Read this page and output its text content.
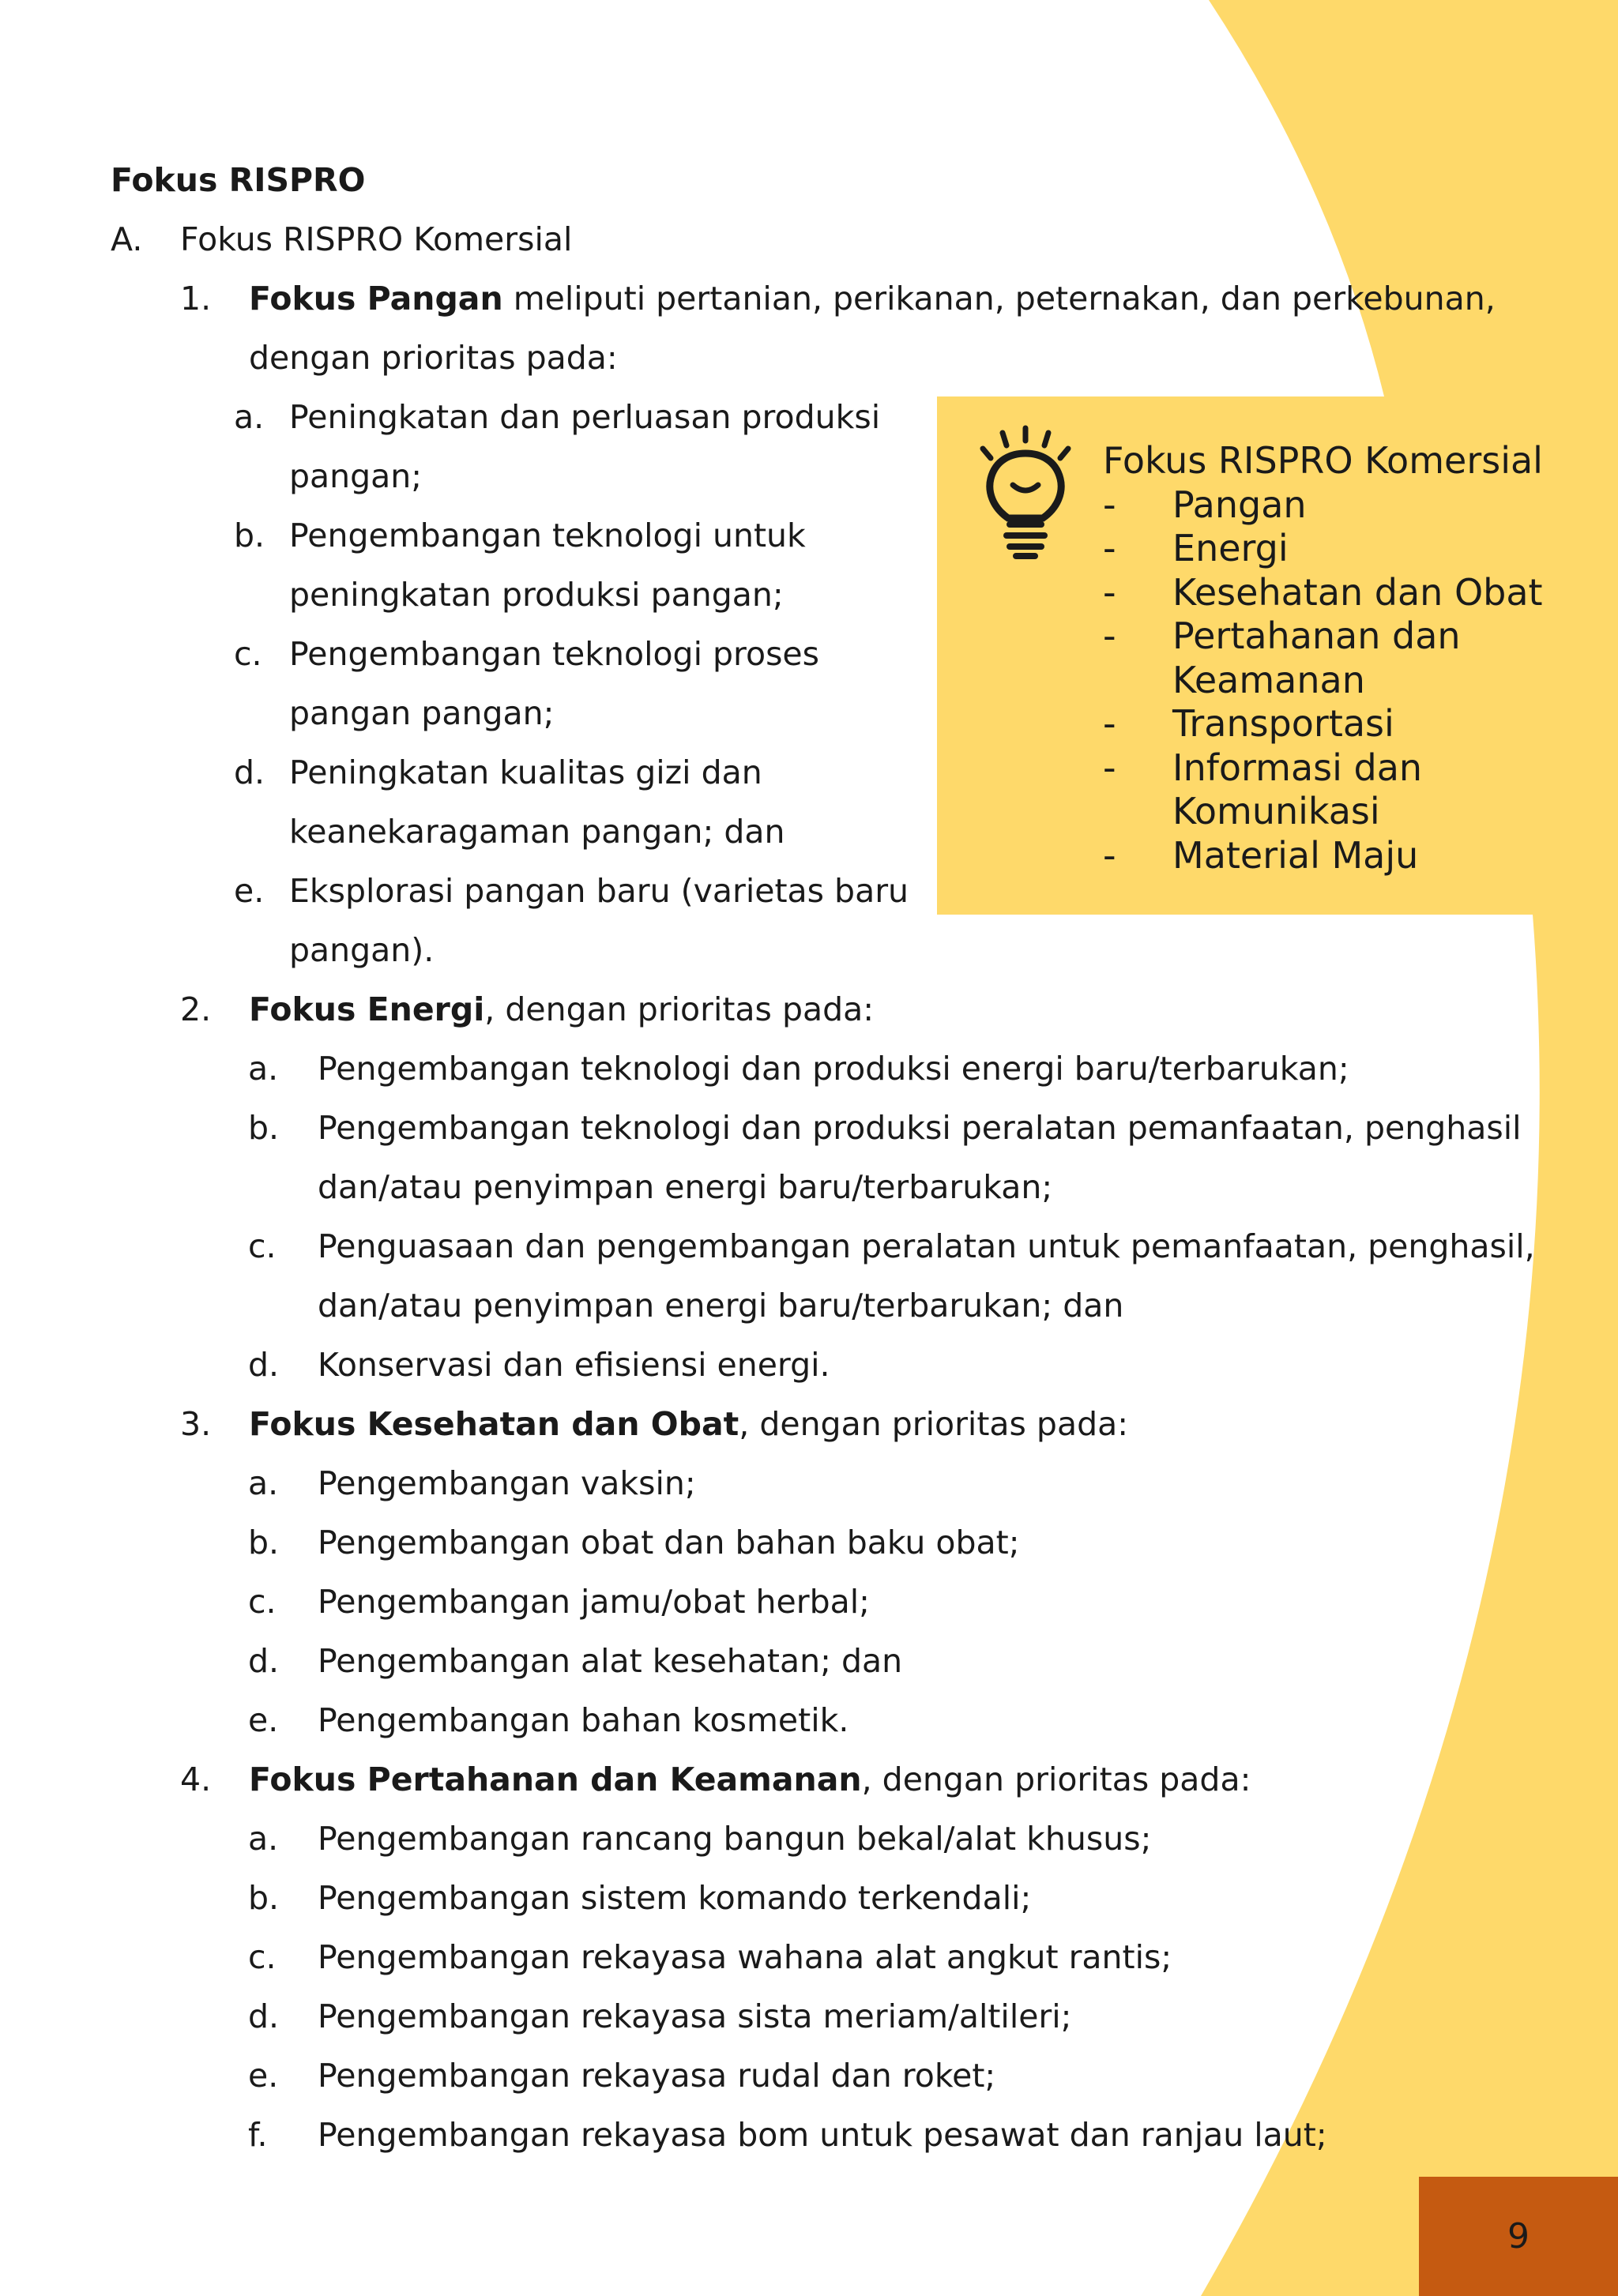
Fokus RISPRO
A. Fokus RISPRO Komersial
1. Fokus Pangan meliputi pertanian, perikanan, peternakan, dan perkebunan,
dengan prioritas pada:
a. Peningkatan dan perluasan produksi
pangan;
b. Pengembangan teknologi untuk
peningkatan produksi pangan;
c. Pengembangan teknologi proses
pangan pangan;
d. Peningkatan kualitas gizi dan
keanekaragaman pangan; dan
e. Eksplorasi pangan baru (varietas baru
pangan).
2. Fokus Energi, dengan prioritas pada:
a. Pengembangan teknologi dan produksi energi baru/terbarukan;
b. Pengembangan teknologi dan produksi peralatan pemanfaatan, penghasil
dan/atau penyimpan energi baru/terbarukan;
c. Penguasaan dan pengembangan peralatan untuk pemanfaatan, penghasil,
dan/atau penyimpan energi baru/terbarukan; dan
d. Konservasi dan efisiensi energi.
3. Fokus Kesehatan dan Obat, dengan prioritas pada:
a. Pengembangan vaksin;
b. Pengembangan obat dan bahan baku obat;
c. Pengembangan jamu/obat herbal;
d. Pengembangan alat kesehatan; dan
e. Pengembangan bahan kosmetik.
4. Fokus Pertahanan dan Keamanan, dengan prioritas pada:
a. Pengembangan rancang bangun bekal/alat khusus;
b. Pengembangan sistem komando terkendali;
c. Pengembangan rekayasa wahana alat angkut rantis;
d. Pengembangan rekayasa sista meriam/altileri;
e. Pengembangan rekayasa rudal dan roket;
f. Pengembangan rekayasa bom untuk pesawat dan ranjau laut;
Fokus RISPRO Komersial
- Pangan
- Energi
- Kesehatan dan Obat
- Pertahanan dan
Keamanan
- Transportasi
- Informasi dan
Komunikasi
- Material Maju
9
